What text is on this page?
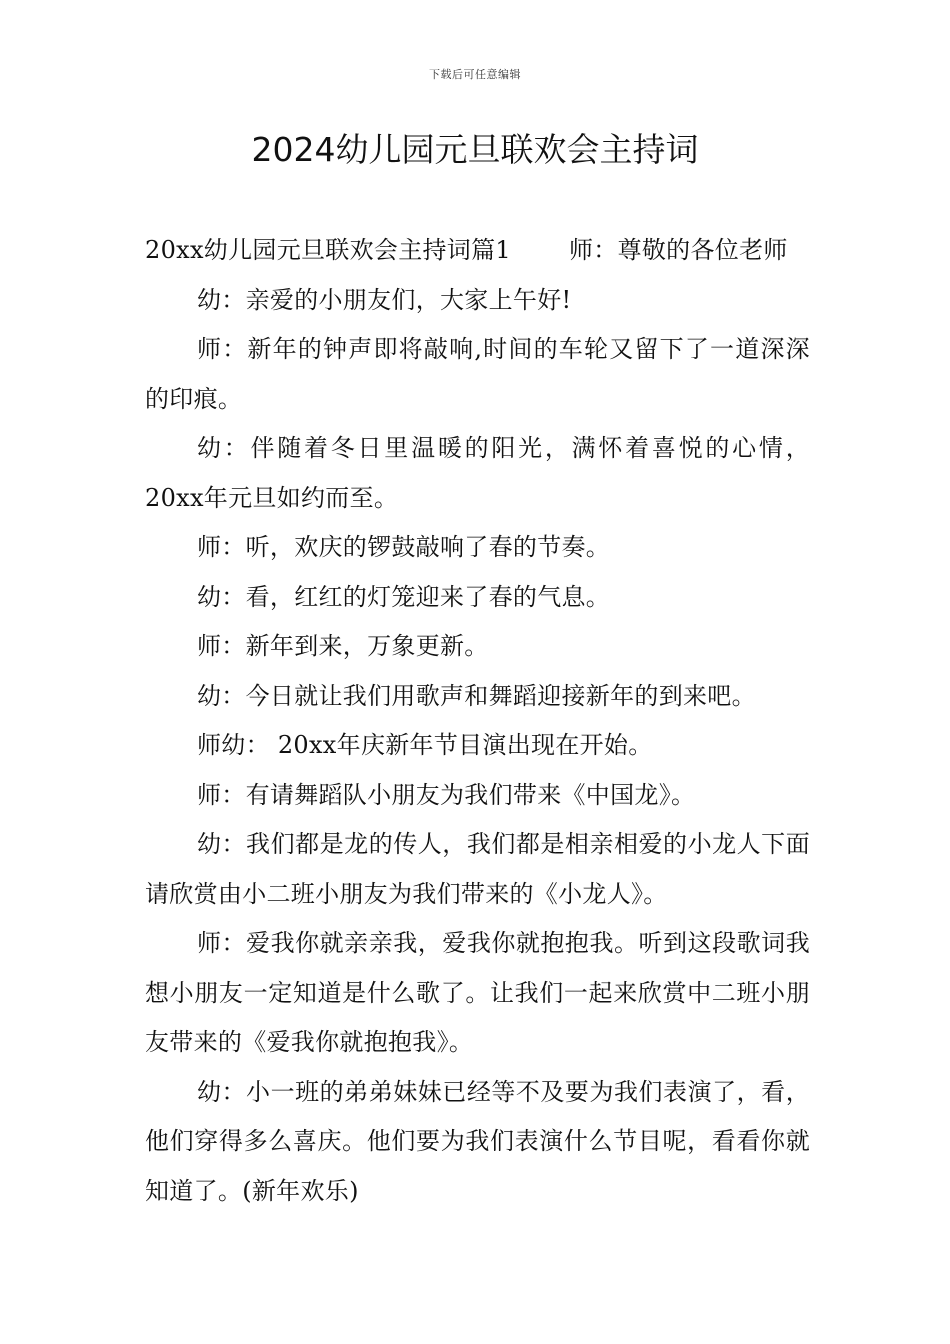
下载后可任意编辑
2024幼儿园元旦联欢会主持词

20xx幼儿园元旦联欢会主持词篇1 师：尊敬的各位老师

幼：亲爱的小朋友们，大家上午好!

师：新年的钟声即将敲响,时间的车轮又留下了一道深深的印痕。

幼：伴随着冬日里温暖的阳光，满怀着喜悦的心情，20xx年元旦如约而至。

师：听，欢庆的锣鼓敲响了春的节奏。

幼：看，红红的灯笼迎来了春的气息。

师：新年到来，万象更新。

幼：今日就让我们用歌声和舞蹈迎接新年的到来吧。

师幼： 20xx年庆新年节目演出现在开始。

师：有请舞蹈队小朋友为我们带来《中国龙》。

幼：我们都是龙的传人，我们都是相亲相爱的小龙人下面请欣赏由小二班小朋友为我们带来的《小龙人》。

师：爱我你就亲亲我，爱我你就抱抱我。听到这段歌词我想小朋友一定知道是什么歌了。让我们一起来欣赏中二班小朋友带来的《爱我你就抱抱我》。

幼：小一班的弟弟妹妹已经等不及要为我们表演了，看，他们穿得多么喜庆。他们要为我们表演什么节目呢，看看你就知道了。(新年欢乐)
